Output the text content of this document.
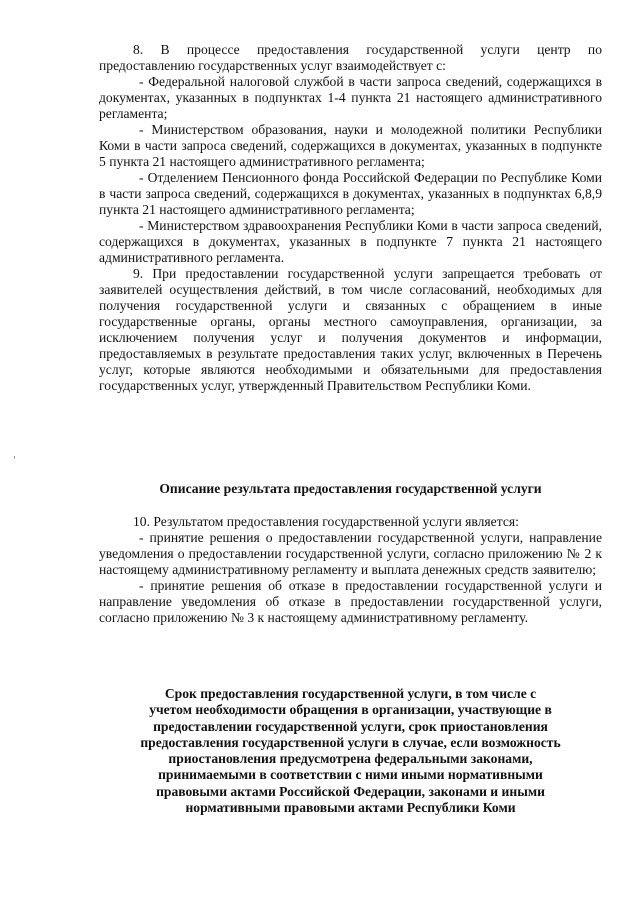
8. В процессе предоставления государственной услуги центр по предоставлению государственных услуг взаимодействует с:

- Федеральной налоговой службой в части запроса сведений, содержащихся в документах, указанных в подпунктах 1-4 пункта 21 настоящего административного регламента;

- Министерством образования, науки и молодежной политики Республики Коми в части запроса сведений, содержащихся в документах, указанных в подпункте 5 пункта 21 настоящего административного регламента;

- Отделением Пенсионного фонда Российской Федерации по Республике Коми в части запроса сведений, содержащихся в документах, указанных в подпунктах 6,8,9 пункта 21 настоящего административного регламента;

- Министерством здравоохранения Республики Коми в части запроса сведений, содержащихся в документах, указанных в подпункте 7 пункта 21 настоящего административного регламента.

9. При предоставлении государственной услуги запрещается требовать от заявителей осуществления действий, в том числе согласований, необходимых для получения государственной услуги и связанных с обращением в иные государственные органы, органы местного самоуправления, организации, за исключением получения услуг и получения документов и информации, предоставляемых в результате предоставления таких услуг, включенных в Перечень услуг, которые являются необходимыми и обязательными для предоставления государственных услуг, утвержденный Правительством Республики Коми.

Описание результата предоставления государственной услуги

10. Результатом предоставления государственной услуги является:

- принятие решения о предоставлении государственной услуги, направление уведомления о предоставлении государственной услуги, согласно приложению № 2 к настоящему административному регламенту и выплата денежных средств заявителю;

- принятие решения об отказе в предоставлении государственной услуги и направление уведомления об отказе в предоставлении государственной услуги, согласно приложению № 3 к настоящему административному регламенту.

Срок предоставления государственной услуги, в том числе с
учетом необходимости обращения в организации, участвующие в
предоставлении государственной услуги, срок приостановления
предоставления государственной услуги в случае, если возможность
приостановления предусмотрена федеральными законами,
принимаемыми в соответствии с ними иными нормативными
правовыми актами Российской Федерации, законами и иными
нормативными правовыми актами Республики Коми
